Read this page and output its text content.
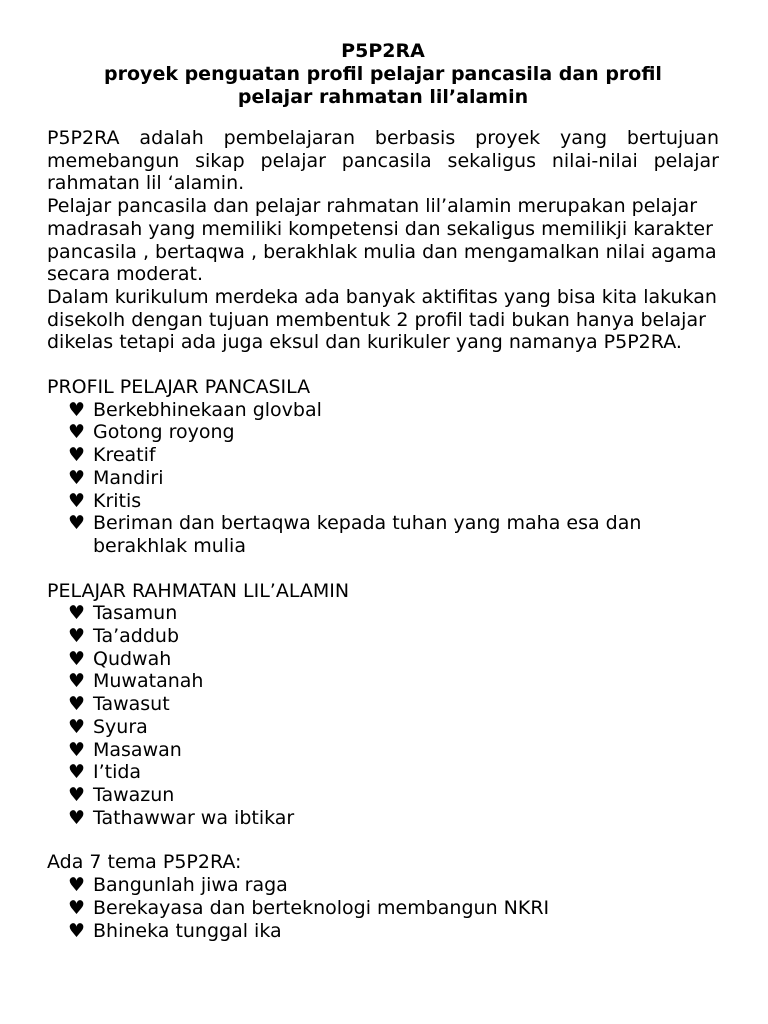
P5P2RA
proyek penguatan profil pelajar pancasila dan profil
pelajar rahmatan lil’alamin

P5P2RA adalah pembelajaran berbasis proyek yang bertujuan memebangun sikap pelajar pancasila sekaligus nilai-nilai pelajar rahmatan lil ‘alamin.

Pelajar pancasila dan pelajar rahmatan lil’alamin merupakan pelajar madrasah yang memiliki kompetensi dan sekaligus memilikji karakter pancasila , bertaqwa , berakhlak mulia dan mengamalkan nilai agama secara moderat.

Dalam kurikulum merdeka ada banyak aktifitas yang bisa kita lakukan disekolh dengan tujuan membentuk 2 profil tadi bukan hanya belajar dikelas tetapi ada juga eksul dan kurikuler yang namanya P5P2RA.

PROFIL PELAJAR PANCASILA
♥ Berkebhinekaan glovbal
♥ Gotong royong
♥ Kreatif
♥ Mandiri
♥ Kritis
♥ Beriman dan bertaqwa kepada tuhan yang maha esa dan berakhlak mulia
PELAJAR RAHMATAN LIL’ALAMIN
♥ Tasamun
♥ Ta’addub
♥ Qudwah
♥ Muwatanah
♥ Tawasut
♥ Syura
♥ Masawan
♥ I’tida
♥ Tawazun
♥ Tathawwar wa ibtikar
Ada 7 tema P5P2RA:
♥ Bangunlah jiwa raga
♥ Berekayasa dan berteknologi membangun NKRI
♥ Bhineka tunggal ika
